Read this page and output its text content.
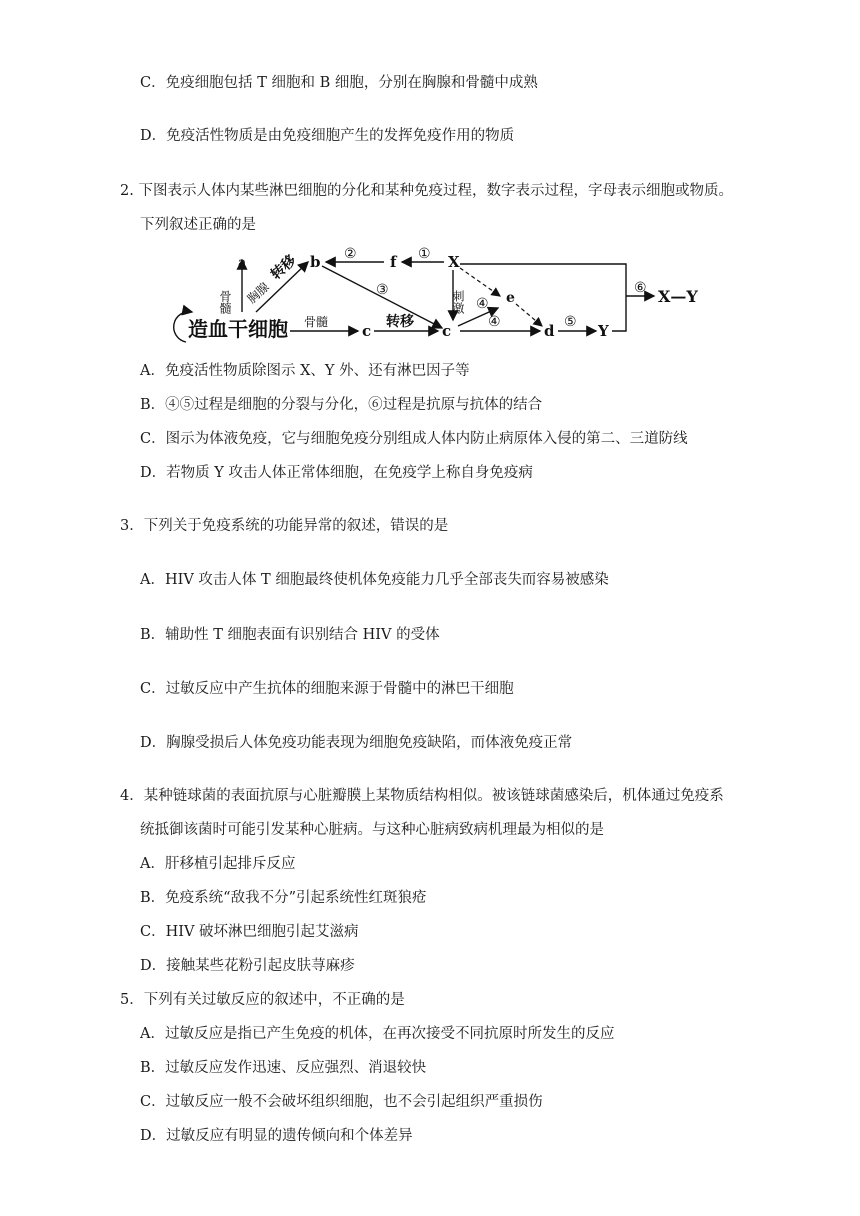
C．免疫细胞包括 T 细胞和 B 细胞，分别在胸腺和骨髓中成熟
D．免疫活性物质是由免疫细胞产生的发挥免疫作用的物质
2. 下图表示人体内某些淋巴细胞的分化和某种免疫过程，数字表示过程，字母表示细胞或物质。
下列叙述正确的是
造血干细胞
a
骨髓 胸腺
转移 b
③
骨髓 c 转移 c
X
①
f
②
刺激 ④ e
④	d ⑤ Y
⑥ X—Y
A．免疫活性物质除图示 X、Y 外、还有淋巴因子等
B．④⑤过程是细胞的分裂与分化，⑥过程是抗原与抗体的结合
C．图示为体液免疫，它与细胞免疫分别组成人体内防止病原体入侵的第二、三道防线
D．若物质 Y 攻击人体正常体细胞，在免疫学上称自身免疫病
3．下列关于免疫系统的功能异常的叙述，错误的是
A．HIV 攻击人体 T 细胞最终使机体免疫能力几乎全部丧失而容易被感染
B．辅助性 T 细胞表面有识别结合 HIV 的受体
C．过敏反应中产生抗体的细胞来源于骨髓中的淋巴干细胞
D．胸腺受损后人体免疫功能表现为细胞免疫缺陷，而体液免疫正常
4．某种链球菌的表面抗原与心脏瓣膜上某物质结构相似。被该链球菌感染后，机体通过免疫系
统抵御该菌时可能引发某种心脏病。与这种心脏病致病机理最为相似的是
A．肝移植引起排斥反应
B．免疫系统“敌我不分”引起系统性红斑狼疮
C．HIV 破坏淋巴细胞引起艾滋病
D．接触某些花粉引起皮肤荨麻疹
5．下列有关过敏反应的叙述中，不正确的是
A．过敏反应是指已产生免疫的机体，在再次接受不同抗原时所发生的反应
B．过敏反应发作迅速、反应强烈、消退较快
C．过敏反应一般不会破坏组织细胞，也不会引起组织严重损伤
D．过敏反应有明显的遗传倾向和个体差异
